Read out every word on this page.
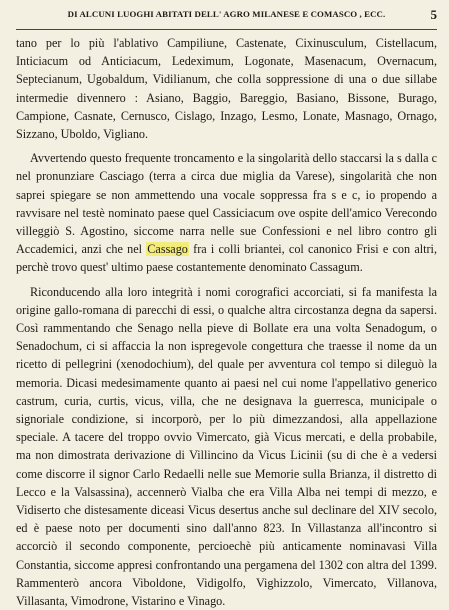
DI ALCUNI LUOGHI ABITATI DELL' AGRO MILANESE E COMASCO , ECC.	5

tano per lo più l'ablativo Campiliune, Castenate, Cixinusculum, Cistellacum, Inticiacum od Anticiacum, Ledeximum, Logonate, Masenacum, Overnacum, Septecianum, Ugobaldum, Vidilianum, che colla soppressione di una o due sillabe intermedie divennero : Asiano, Baggio, Bareggio, Basiano, Bissone, Burago, Campione, Casnate, Cernusco, Cislago, Inzago, Lesmo, Lonate, Masnago, Ornago, Sizzano, Uboldo, Vigliano.

Avvertendo questo frequente troncamento e la singolarità dello staccarsi la s dalla c nel pronunziare Casciago (terra a circa due miglia da Varese), singolarità che non saprei spiegare se non ammettendo una vocale soppressa fra s e c, io propendo a ravvisare nel testè nominato paese quel Cassiciacum ove ospite dell'amico Verecondo villeggiò S. Agostino, siccome narra nelle sue Confessioni e nel libro contro gli Accademici, anzi che nel Cassago fra i colli briantei, col canonico Frisi e con altri, perchè trovo quest' ultimo paese costantemente denominato Cassagum.

Riconducendo alla loro integrità i nomi corografici accorciati, si fa manifesta la origine gallo-romana di parecchi di essi, o qualche altra circostanza degna da sapersi. Così rammentando che Senago nella pieve di Bollate era una volta Senadogum, o Senadochum, ci si affaccia la non ispregevole congettura che traesse il nome da un ricetto di pellegrini (xenodochium), del quale per avventura col tempo si dileguò la memoria. Dicasi medesimamente quanto ai paesi nel cui nome l'appellativo generico castrum, curia, curtis, vicus, villa, che ne designava la guerresca, municipale o signoriale condizione, si incorporò, per lo più dimezzandosi, alla appellazione speciale. A tacere del troppo ovvio Vimercato, già Vicus mercati, e della probabile, ma non dimostrata derivazione di Villincino da Vicus Licinii (su di che è a vedersi come discorre il signor Carlo Redaelli nelle sue Memorie sulla Brianza, il distretto di Lecco e la Valsassina), accennerò Vialba che era Villa Alba nei tempi di mezzo, e Vidiserto che distesamente diceasi Vicus desertus anche sul declinare del XIV secolo, ed è paese noto per documenti sino dall'anno 823. In Villastanza all'incontro si accorciò il secondo componente, percioechè più anticamente nominavasi Villa Constantia, siccome appresi confrontando una pergamena del 1302 con altra del 1399. Rammenterò ancora Viboldone, Vidigolfo, Vighizzolo, Vimercato, Villanova, Villasanta, Vimodrone, Vistarino e Vinago.
